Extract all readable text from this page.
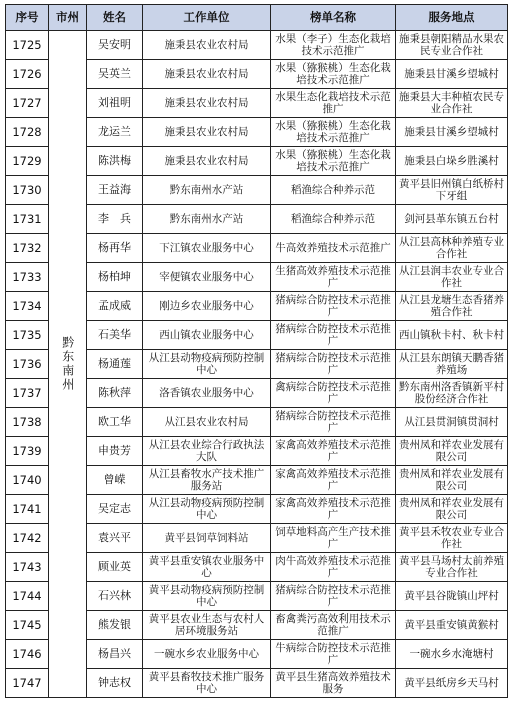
序号	市州	姓名	工作单位	榜单名称	服务地点
1725	黔东南州	吴安明	施秉县农业农村局	水果（李子）生态化栽培技术示范推广	施秉县朝阳精品水果农民专业合作社
1726		吴英兰	施秉县农业农村局	水果（猕猴桃）生态化栽培技术示范推广	施秉县甘溪乡望城村
1727		刘祖明	施秉县农业农村局	水果生态化栽培技术示范推广	施秉县大丰种植农民专业合作社
1728		龙运兰	施秉县农业农村局	水果（猕猴桃）生态化栽培技术示范推广	施秉县甘溪乡望城村
1729		陈洪梅	施秉县农业农村局	水果（猕猴桃）生态化栽培技术示范推广	施秉县白垛乡胜溪村
1730		王益海	黔东南州水产站	稻渔综合种养示范	黄平县旧州镇白纸桥村下牙组
1731		李　兵	黔东南州水产站	稻渔综合种养示范	剑河县革东镇五台村
1732		杨再华	下江镇农业服务中心	牛高效养殖技术示范推广	从江县高林种养殖专业合作社
1733		杨柏坤	宰便镇农业服务中心	生猪高效养殖技术示范推广	从江县润丰农业专业合作社
1734		孟成威	刚边乡农业服务中心	猪病综合防控技术示范推广	从江县龙塘生态香猪养殖合作社
1735		石美华	西山镇农业服务中心	猪病综合防控技术示范推广	西山镇秋卡村、秋卡村
1736		杨通莲	从江县动物疫病预防控制中心	猪病综合防控技术示范推广	从江县东朗镇天鹏香猪养殖场
1737		陈秋萍	洛香镇农业服务中心	禽病综合防控技术示范推广	黔东南州洛香镇新平村股份经济合作社
1738		欧工华	从江县农业农村局	猪病综合防控技术示范推广	从江县贯洞镇贯洞村
1739		申贵芳	从江县农业综合行政执法大队	家禽高效养殖技术示范推广	贵州凤和祥农业发展有限公司
1740		曾嵘	从江县畜牧水产技术推广服务站	家禽高效养殖技术示范推广	贵州凤和祥农业发展有限公司
1741		吴定志	从江县动物疫病预防控制中心	家禽高效养殖技术示范推广	贵州凤和祥农业发展有限公司
1742		袁兴平	黄平县饲草饲料站	饲草地料高产生产技术推广	黄平县禾牧农业专业合作社
1743		顾业英	黄平县重安镇农业服务中心	肉牛高效养殖技术示范推广	黄平县马场村太前养殖专业合作社
1744		石兴林	黄平县动物疫病预防控制中心	猪病综合防控技术示范推广	黄平县谷陇镇山坪村
1745		熊发银	黄平县农业生态与农村人居环境服务站	畜禽粪污高效利用技术示范推广	黄平县重安镇黄猴村
1746		杨昌兴	一碗水乡农业服务中心	牛病综合防控技术示范推广	一碗水乡水淹塘村
1747		钟志权	黄平县畜牧技术推广服务中心	黄平县生猪高效养殖技术服务	黄平县纸房乡天马村
